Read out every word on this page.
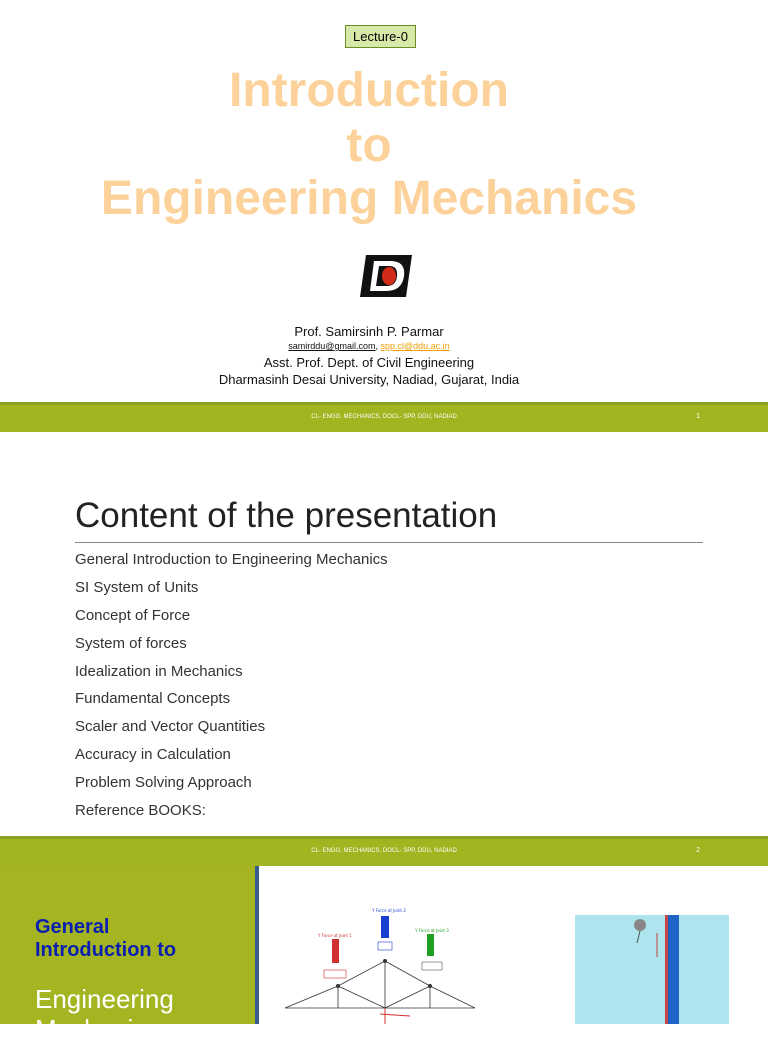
Lecture-0
Introduction
to
Engineering Mechanics
Prof. Samirsinh P. Parmar
samirddu@gmail.com, spp.cl@ddu.ac.in
Asst. Prof. Dept. of Civil Engineering
Dharmasinh Desai University, Nadiad, Gujarat, India
CL- ENGG. MECHANICS, DOCL- SPP, DDU, NADIAD	1
Content of the presentation
General Introduction to Engineering Mechanics
SI System of Units
Concept of Force
System of forces
Idealization in Mechanics
Fundamental Concepts
Scaler and Vector Quantities
Accuracy in Calculation
Problem Solving Approach
Reference BOOKS:
CL- ENGG. MECHANICS, DOCL- SPP, DDU, NADIAD	2
General
Introduction to
Engineering
Mechanics
Y Force at Joint 2
Y Force at Joint 1
Y Force at Joint 3
